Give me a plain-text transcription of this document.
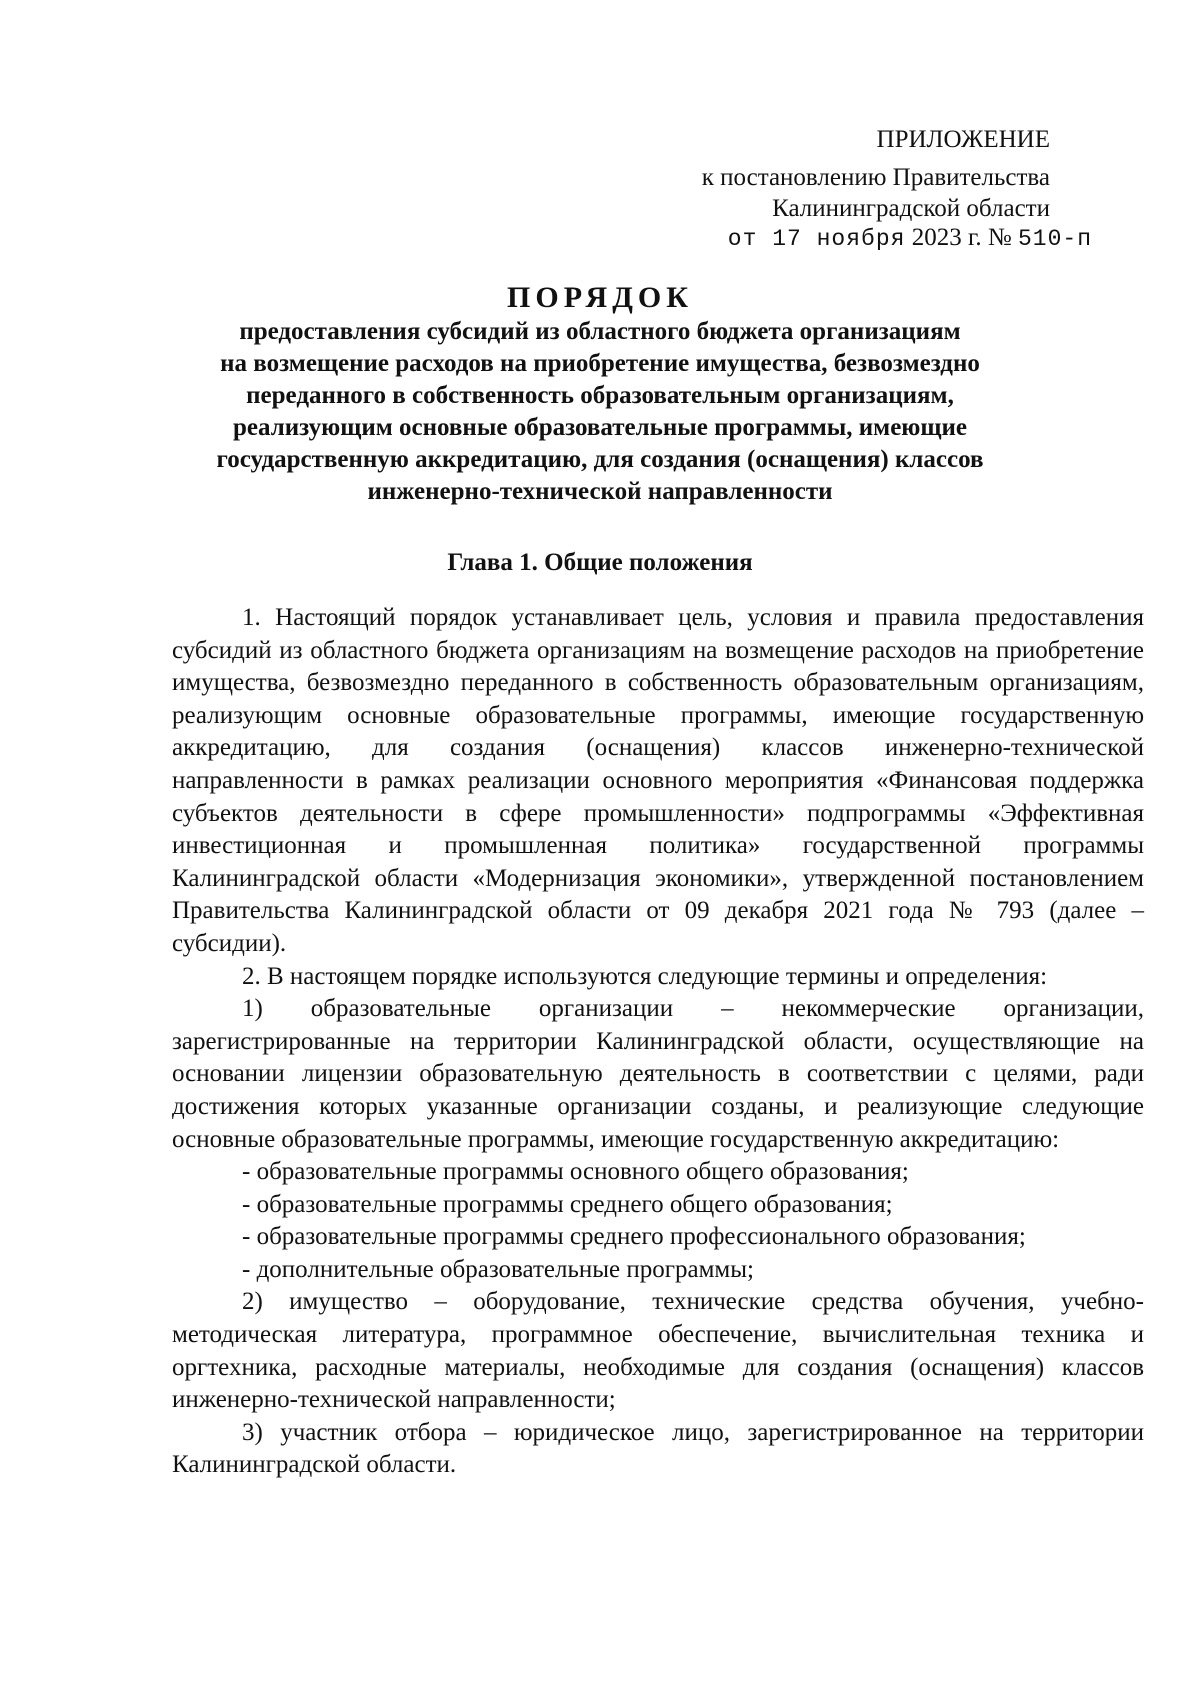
ПРИЛОЖЕНИЕ
к постановлению Правительства
Калининградской области
от 17 ноября 2023 г. № 510-п
ПОРЯДОК
предоставления субсидий из областного бюджета организациям
на возмещение расходов на приобретение имущества, безвозмездно
переданного в собственность образовательным организациям,
реализующим основные образовательные программы, имеющие
государственную аккредитацию, для создания (оснащения) классов
инженерно-технической направленности
Глава 1. Общие положения

1. Настоящий порядок устанавливает цель, условия и правила предоставления субсидий из областного бюджета организациям на возмещение расходов на приобретение имущества, безвозмездно переданного в собственность образовательным организациям, реализующим основные образовательные программы, имеющие государственную аккредитацию, для создания (оснащения) классов инженерно-технической направленности в рамках реализации основного мероприятия «Финансовая поддержка субъектов деятельности в сфере промышленности» подпрограммы «Эффективная инвестиционная и промышленная политика» государственной программы Калининградской области «Модернизация экономики», утвержденной постановлением Правительства Калининградской области от 09 декабря 2021 года № 793 (далее – субсидии).

2. В настоящем порядке используются следующие термины и определения:

1) образовательные организации – некоммерческие организации, зарегистрированные на территории Калининградской области, осуществляющие на основании лицензии образовательную деятельность в соответствии с целями, ради достижения которых указанные организации созданы, и реализующие следующие основные образовательные программы, имеющие государственную аккредитацию:

- образовательные программы основного общего образования;

- образовательные программы среднего общего образования;

- образовательные программы среднего профессионального образования;

- дополнительные образовательные программы;

2) имущество – оборудование, технические средства обучения, учебно-методическая литература, программное обеспечение, вычислительная техника и оргтехника, расходные материалы, необходимые для создания (оснащения) классов инженерно-технической направленности;

3) участник отбора – юридическое лицо, зарегистрированное на территории Калининградской области.
